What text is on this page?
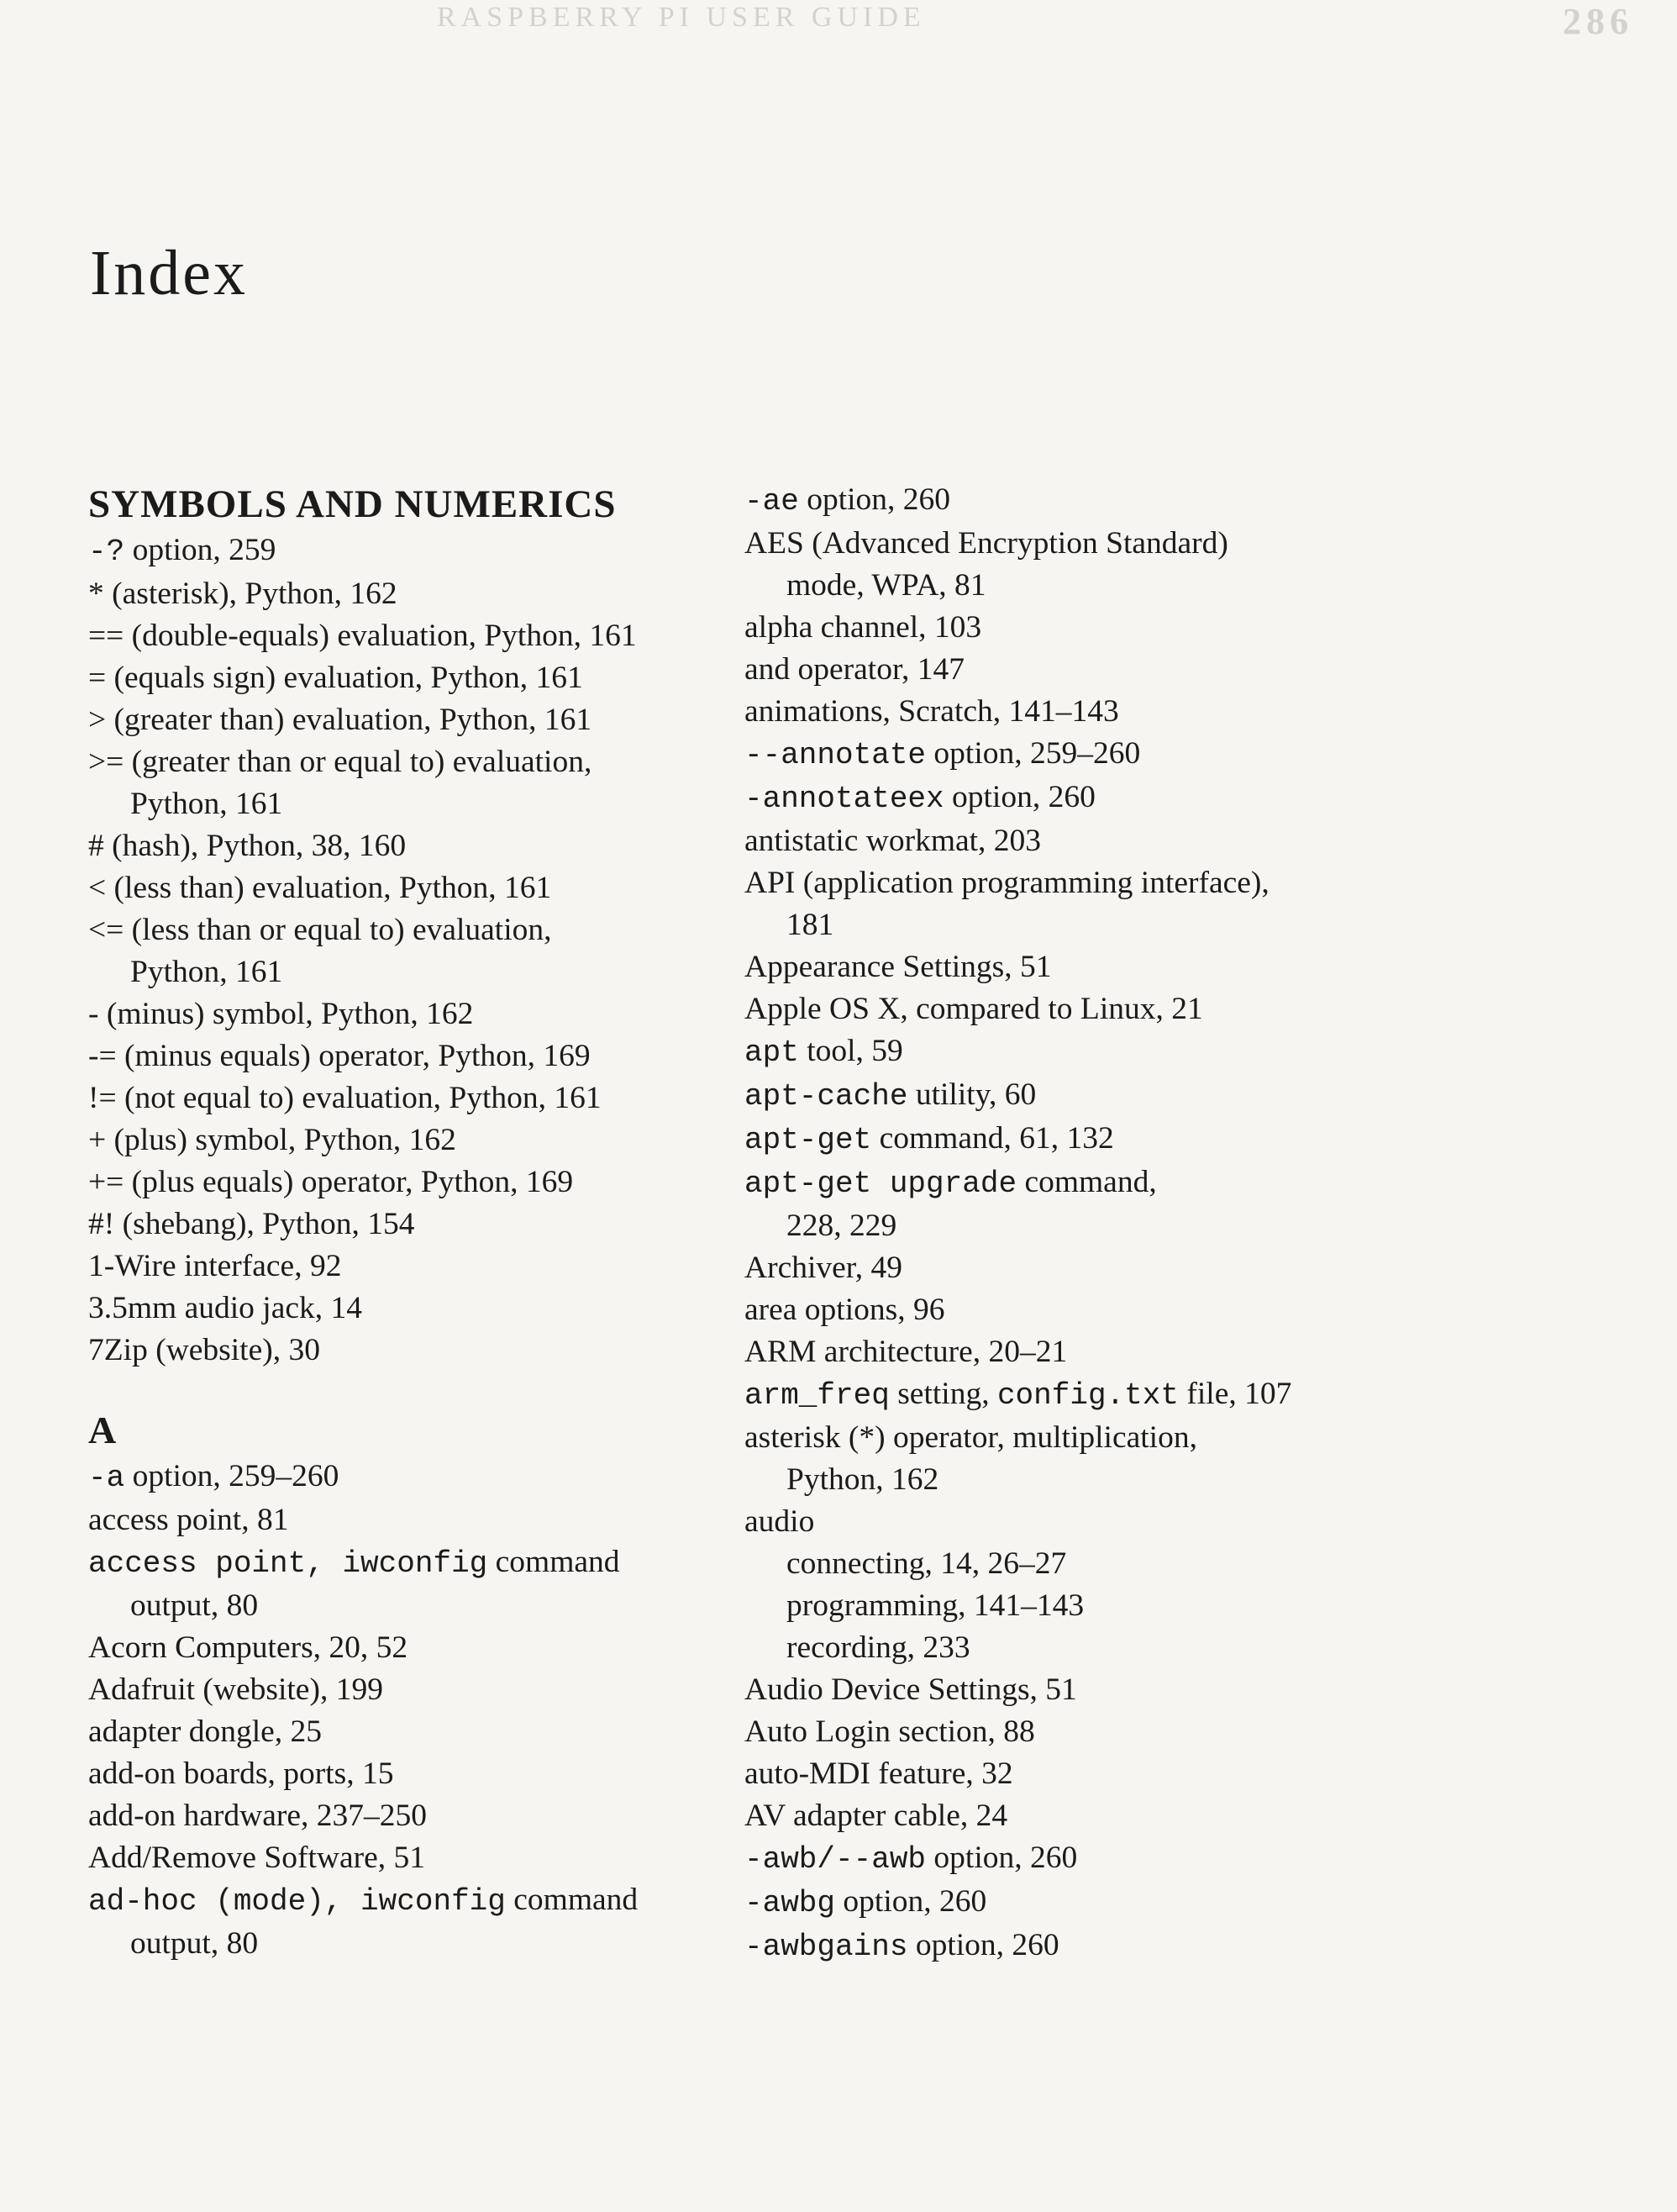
RASPBERRY PI USER GUIDE	286
Index
SYMBOLS AND NUMERICS
-? option, 259
* (asterisk), Python, 162
== (double-equals) evaluation, Python, 161
= (equals sign) evaluation, Python, 161
> (greater than) evaluation, Python, 161
>= (greater than or equal to) evaluation,
Python, 161
# (hash), Python, 38, 160
< (less than) evaluation, Python, 161
<= (less than or equal to) evaluation,
Python, 161
- (minus) symbol, Python, 162
-= (minus equals) operator, Python, 169
!= (not equal to) evaluation, Python, 161
+ (plus) symbol, Python, 162
+= (plus equals) operator, Python, 169
#! (shebang), Python, 154
1-Wire interface, 92
3.5mm audio jack, 14
7Zip (website), 30
A
-a option, 259–260
access point, 81
access point, iwconfig command
output, 80
Acorn Computers, 20, 52
Adafruit (website), 199
adapter dongle, 25
add-on boards, ports, 15
add-on hardware, 237–250
Add/Remove Software, 51
ad-hoc (mode), iwconfig command
output, 80
-ae option, 260
AES (Advanced Encryption Standard)
mode, WPA, 81
alpha channel, 103
and operator, 147
animations, Scratch, 141–143
--annotate option, 259–260
-annotateex option, 260
antistatic workmat, 203
API (application programming interface),
181
Appearance Settings, 51
Apple OS X, compared to Linux, 21
apt tool, 59
apt-cache utility, 60
apt-get command, 61, 132
apt-get upgrade command,
228, 229
Archiver, 49
area options, 96
ARM architecture, 20–21
arm_freq setting, config.txt file, 107
asterisk (*) operator, multiplication,
Python, 162
audio
connecting, 14, 26–27
programming, 141–143
recording, 233
Audio Device Settings, 51
Auto Login section, 88
auto-MDI feature, 32
AV adapter cable, 24
-awb/--awb option, 260
-awbg option, 260
-awbgains option, 260
